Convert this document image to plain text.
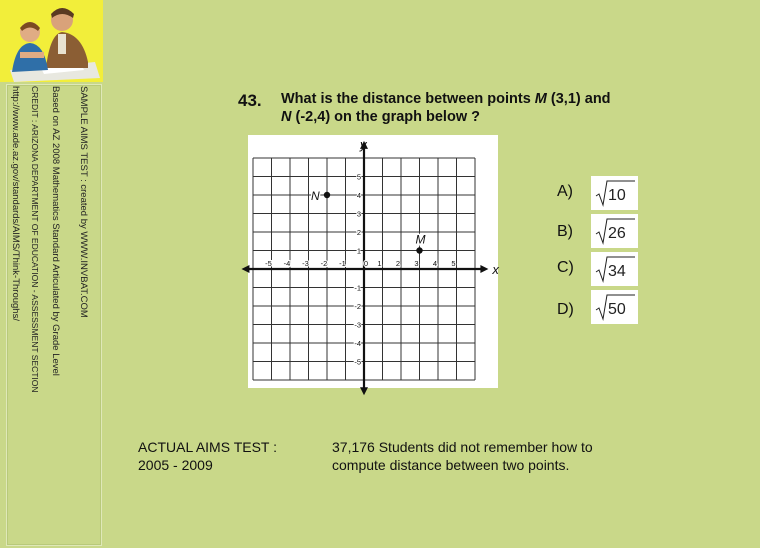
SAMPLE AIMS TEST : created by WWW.INVBAT.COM
Based on AZ 2008 Mathematics Standard Articulated by Grade Level
CREDIT : ARIZONA DEPARTMENT OF EDUCATION - ASSESSMENT SECTION
http://www.ade.az.gov/standards/AIMS/Think-Throughs/	43. What is the distance between points M (3,1) and
N (-2,4) on the graph below ?
x
y
-5 -4 -3 -2 -1 0 1 2 3 4 5
5
4
3
2
1
-1
-2
-3
-4
-5
M
N	A)
B)
C)
D)
10
26
34
50
ACTUAL AIMS TEST :
2005 - 2009
37,176 Students did not remember how to
compute distance between two points.
